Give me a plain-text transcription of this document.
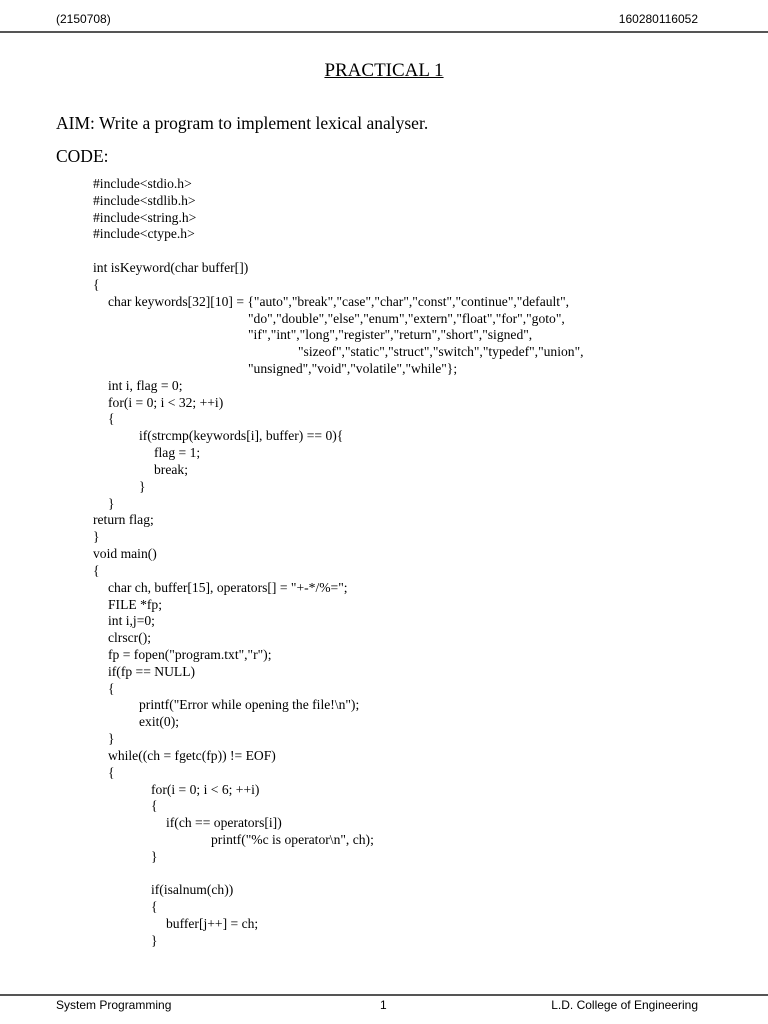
(2150708)	160280116052
PRACTICAL 1
AIM: Write a program to implement lexical analyser.
CODE:
#include<stdio.h>
#include<stdlib.h>
#include<string.h>
#include<ctype.h>
int isKeyword(char buffer[])
{
char keywords[32][10] = {"auto","break","case","char","const","continue","default",
"do","double","else","enum","extern","float","for","goto",
"if","int","long","register","return","short","signed",
"sizeof","static","struct","switch","typedef","union",
"unsigned","void","volatile","while"};
int i, flag = 0;
for(i = 0; i < 32; ++i)
{
if(strcmp(keywords[i], buffer) == 0){
flag = 1;
break;
}
}
return flag;
}
void main()
{
char ch, buffer[15], operators[] = "+-*/%=";
FILE *fp;
int i,j=0;
clrscr();
fp = fopen("program.txt","r");
if(fp == NULL)
{
printf("Error while opening the file!\n");
exit(0);
}
while((ch = fgetc(fp)) != EOF)
{
for(i = 0; i < 6; ++i)
{
if(ch == operators[i])
printf("%c is operator\n", ch);
}
if(isalnum(ch))
{
buffer[j++] = ch;
}
System Programming	1	L.D. College of Engineering
